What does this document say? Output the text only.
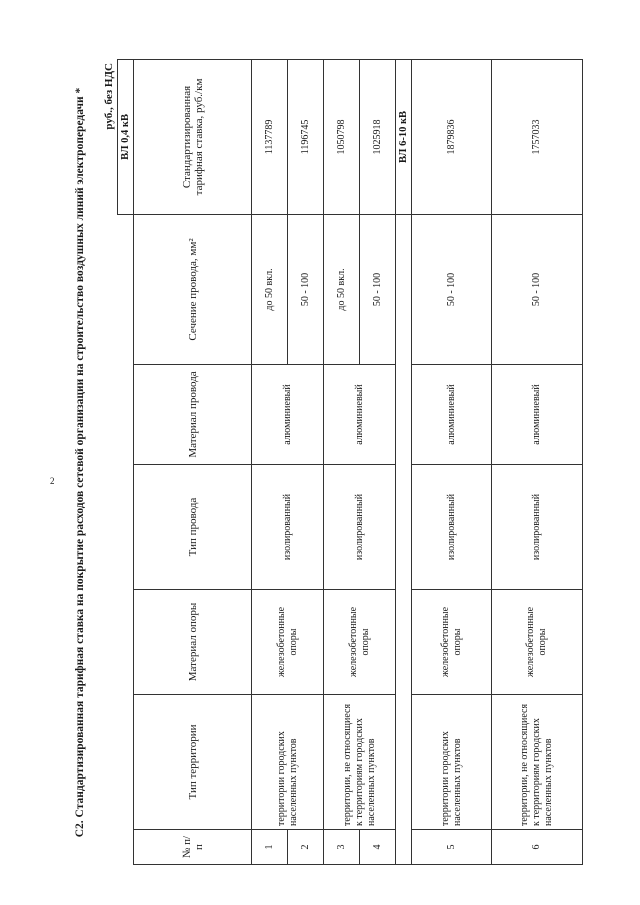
2 С2. Стандартизированная тарифная ставка на покрытие расходов сетевой организации на строительство воздушных линий электропередачи * руб., без НДС
						ВЛ 0,4 кВ
№ п/п	Тип территории	Материал опоры	Тип провода	Материал провода	Сечение провода, мм²	Стандартизированная тарифная ставка, руб./км
1	территории городских населенных пунктов	железобетонные опоры	изолированный	алюминиевый	до 50 вкл.	1137789
2					50 - 100	1196745
3	территории, не относящиеся к территориям городских населенных пунктов	железобетонные опоры	изолированный	алюминиевый	до 50 вкл.	1050798
4					50 - 100	1025918
						ВЛ 6-10 кВ
5	территории городских населенных пунктов	железобетонные опоры	изолированный	алюминиевый	50 - 100	1879836
6	территории, не относящиеся к территориям городских населенных пунктов	железобетонные опоры	изолированный	алюминиевый	50 - 100	1757033
